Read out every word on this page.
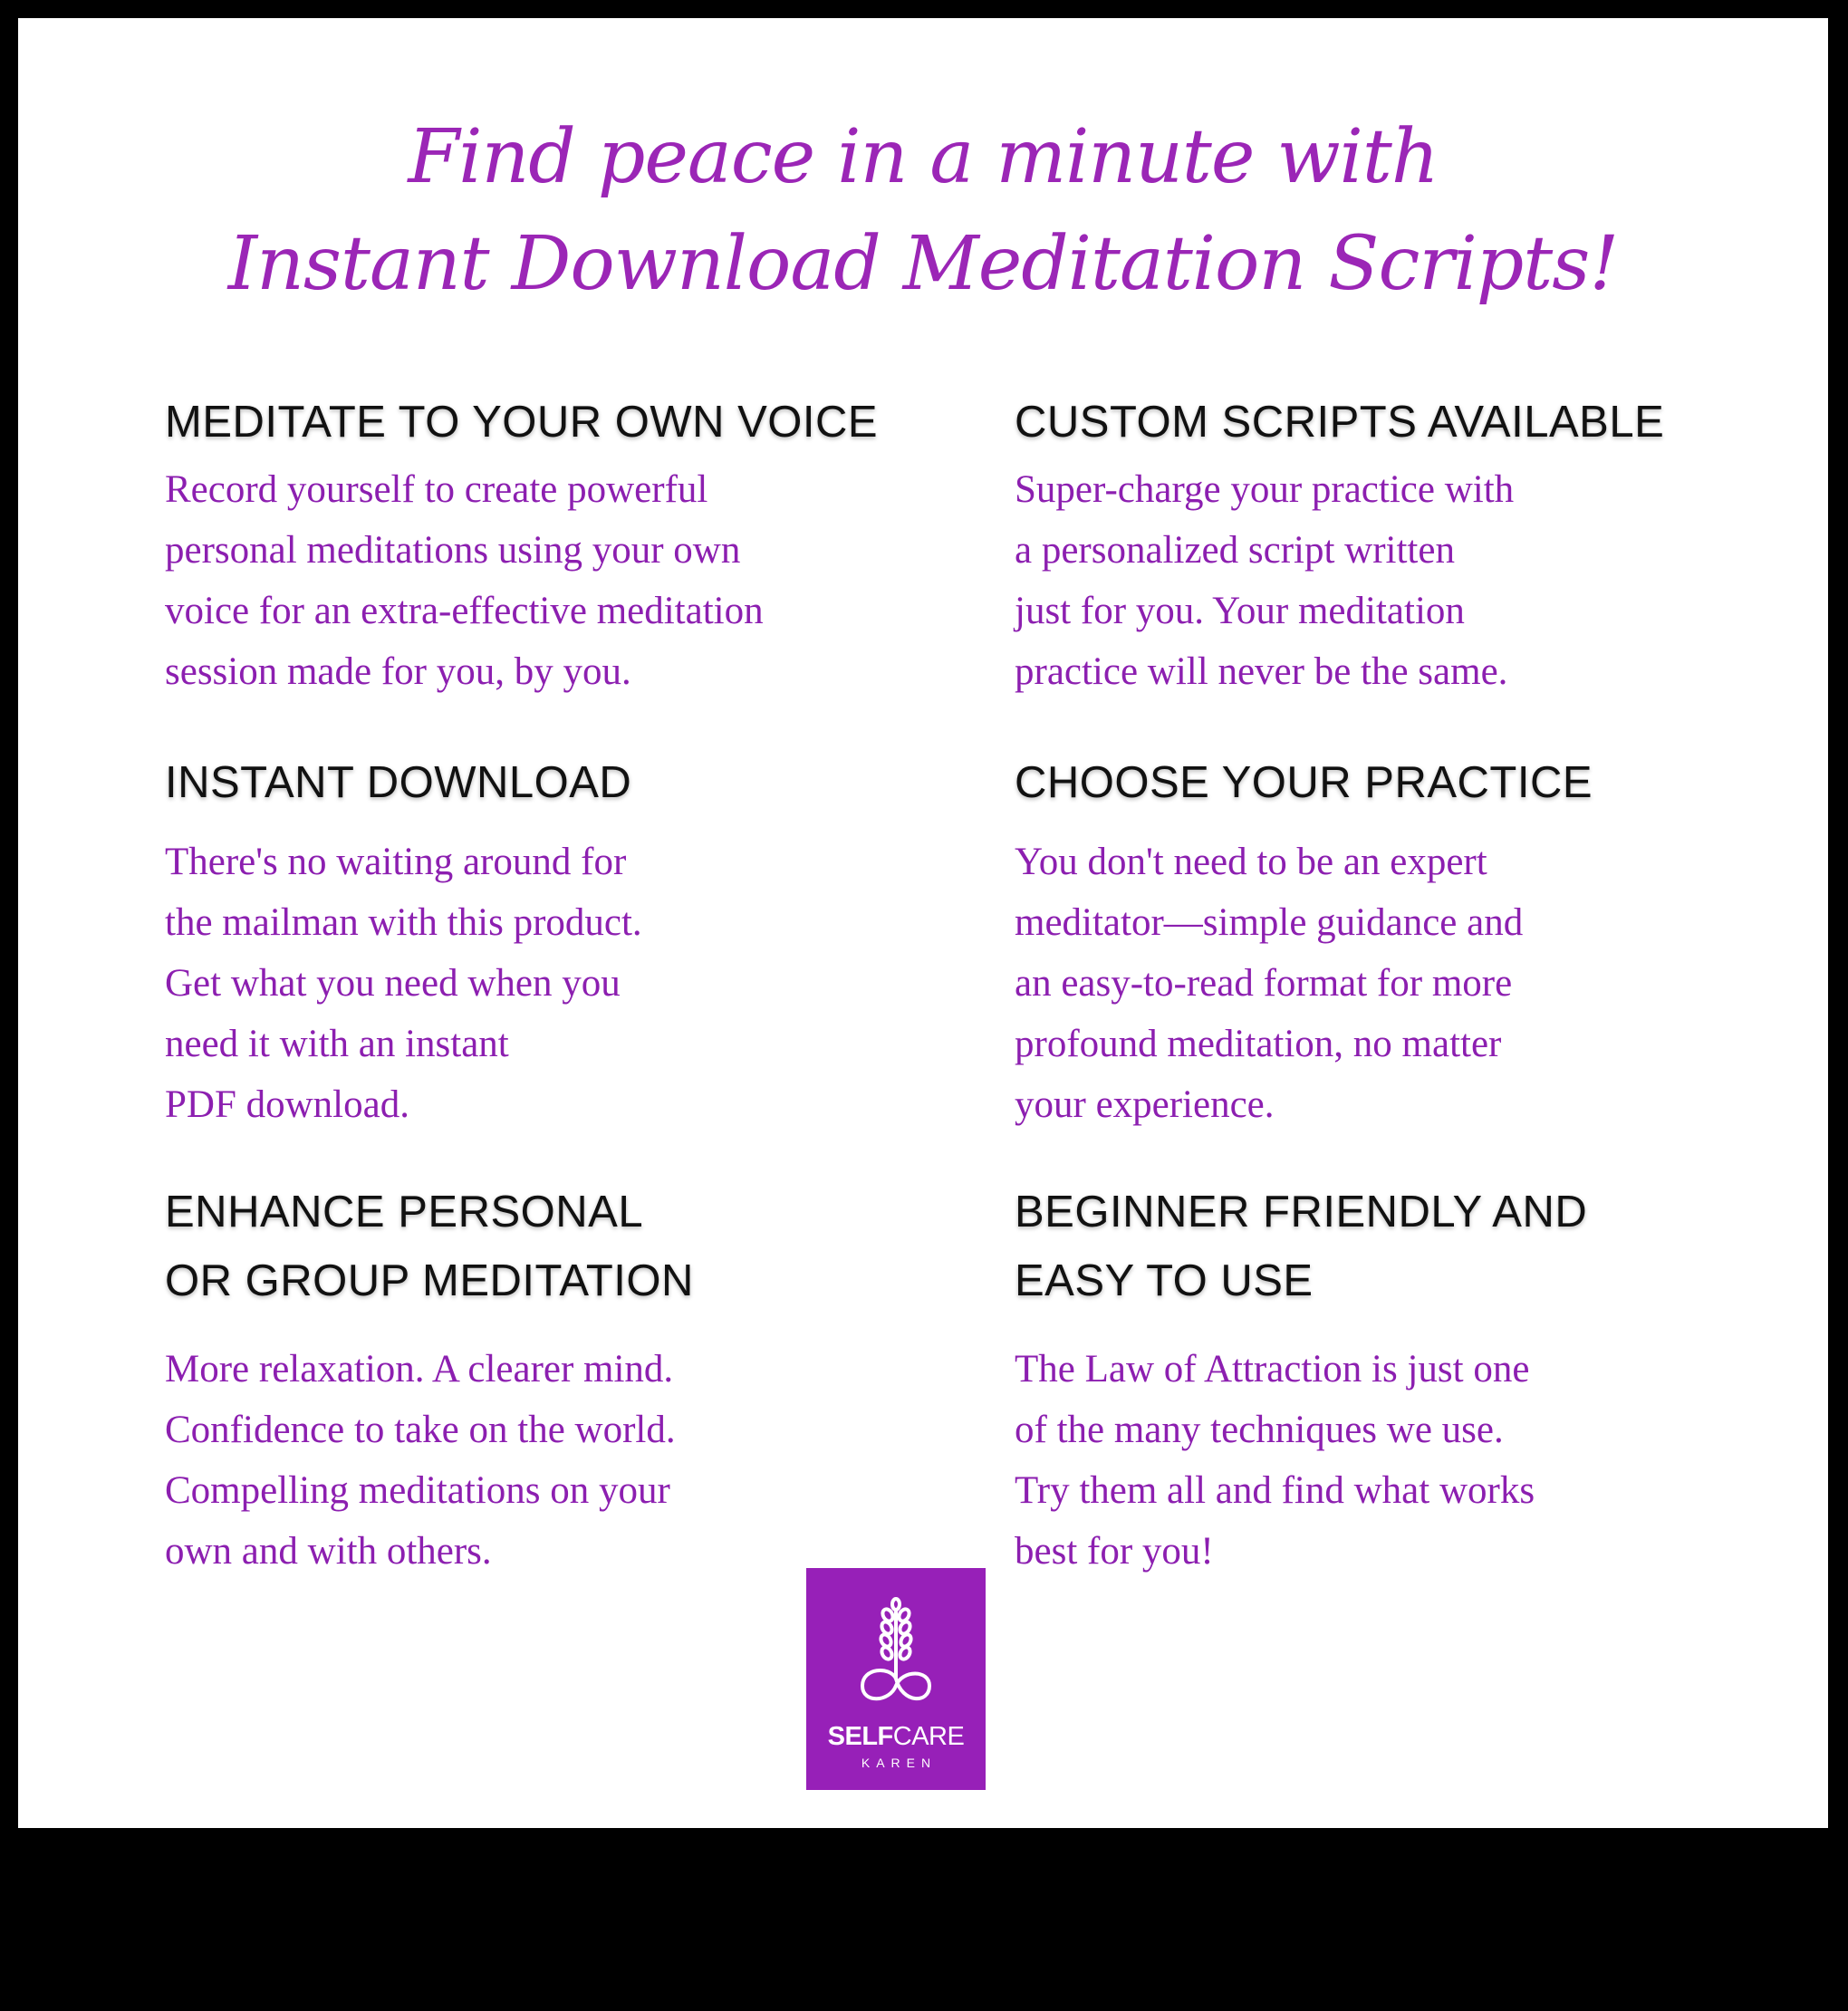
Find peace in a minute with
Instant Download Meditation Scripts!
MEDITATE TO YOUR OWN VOICE
Record yourself to create powerful
personal meditations using your own
voice for an extra-effective meditation
session made for you, by you.
INSTANT DOWNLOAD
There's no waiting around for
the mailman with this product.
Get what you need when you
need it with an instant
PDF download.
ENHANCE PERSONAL
OR GROUP MEDITATION
More relaxation. A clearer mind.
Confidence to take on the world.
Compelling meditations on your
own and with others.
CUSTOM SCRIPTS AVAILABLE
Super-charge your practice with
a personalized script written
just for you. Your meditation
practice will never be the same.
CHOOSE YOUR PRACTICE
You don't need to be an expert
meditator—simple guidance and
an easy-to-read format for more
profound meditation, no matter
your experience.
BEGINNER FRIENDLY AND
EASY TO USE
The Law of Attraction is just one
of the many techniques we use.
Try them all and find what works
best for you!
SELFCARE
KAREN
